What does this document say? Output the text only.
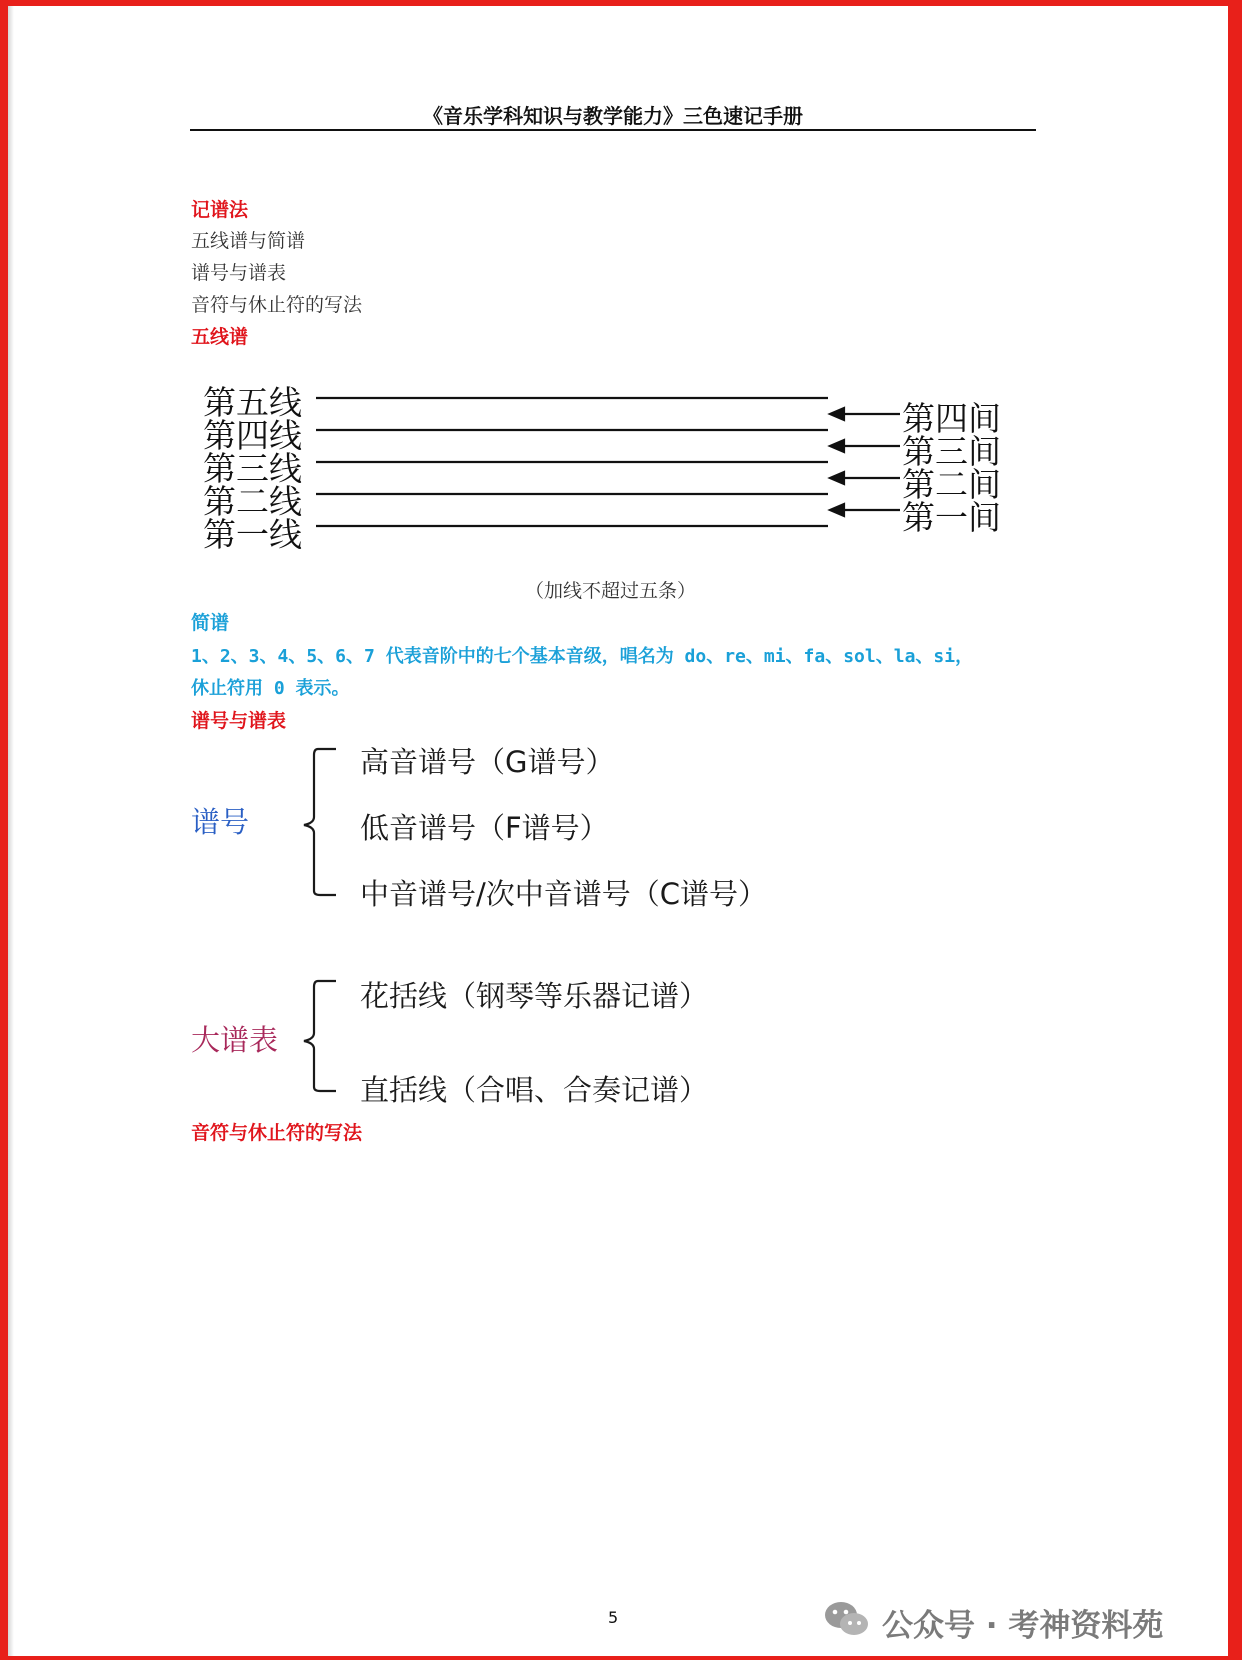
《音乐学科知识与教学能力》三色速记手册
记谱法
五线谱与简谱
谱号与谱表
音符与休止符的写法
五线谱
第五线
第四线
第三线
第二线
第一线
第四间
第三间
第二间
第一间
（加线不超过五条）
简谱
1、2、3、4、5、6、7 代表音阶中的七个基本音级，唱名为 do、re、mi、fa、sol、la、si，
休止符用 0 表示。
谱号与谱表
谱号
高音谱号（G谱号）
低音谱号（F谱号）
中音谱号/次中音谱号（C谱号）
大谱表
花括线（钢琴等乐器记谱）
直括线（合唱、合奏记谱）
音符与休止符的写法
5	公众号 · 考神资料苑
